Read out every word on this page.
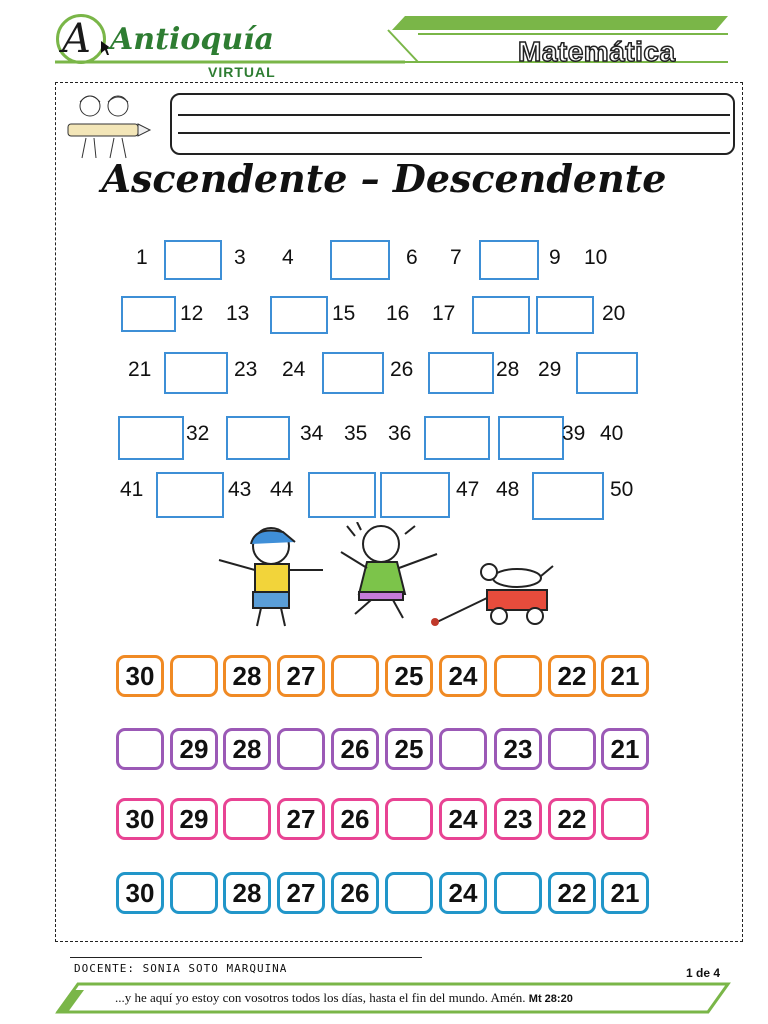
A Antioquía
VIRTUAL
Matemática
Ascendente – Descendente
1	3 4	6 7	9 10
12 13	15 16 17	20
21	23 24	26	28 29
32	34 35 36	39 40
41	43 44	47 48	50
30	28 27	25 24	22 21
29 28	26 25	23	21
30 29	27 26	24 23 22
30	28 27 26	24	22 21
DOCENTE: SONIA SOTO MARQUINA	1 de 4
...y he aquí yo estoy con vosotros todos los días, hasta el fin del mundo. Amén. Mt 28:20
